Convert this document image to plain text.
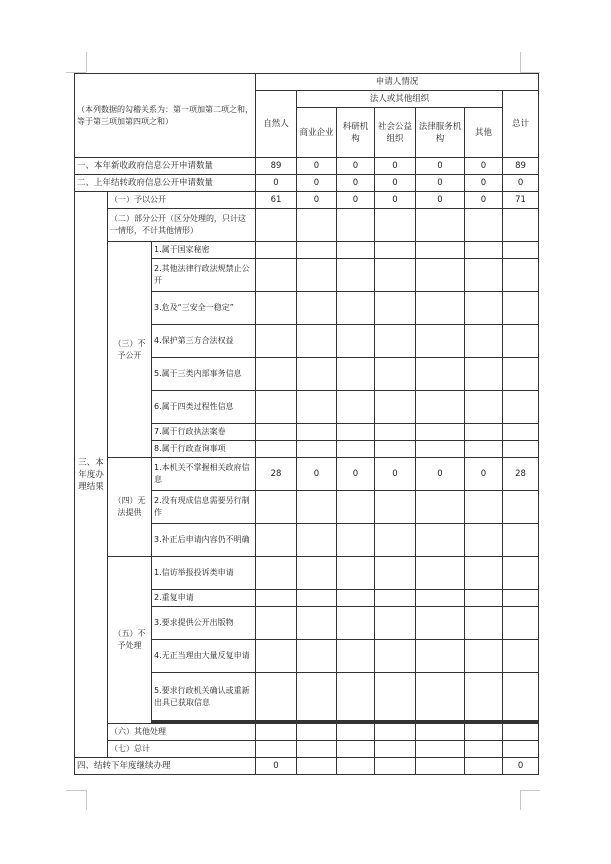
（本列数据的勾稽关系为：第一项加第二项之和，等于第三项加第四项之和）			申请人情况						
			自然人	法人或其他组织					总计
				商业企业	科研机构	社会公益组织	法律服务机构	其他	
一、本年新收政府信息公开申请数量			89	0	0	0	0	0	89
二、上年结转政府信息公开申请数量			0	0	0	0	0	0	0
三、本年度办理结果	（一）予以公开		61	0	0	0	0	0	71
	（二）部分公开（区分处理的，只计这一情形，不计其他情形）								
	（三）不予公开	1.属于国家秘密							
		2.其他法律行政法规禁止公开							
		3.危及“三安全一稳定”							
		4.保护第三方合法权益							
		5.属于三类内部事务信息							
		6.属于四类过程性信息							
		7.属于行政执法案卷							
		8.属于行政查询事项							
	（四）无法提供	1.本机关不掌握相关政府信息	28	0	0	0	0	0	28
		2.没有现成信息需要另行制作							
		3.补正后申请内容仍不明确							
	（五）不予处理	1.信访举报投诉类申请							
		2.重复申请							
		3.要求提供公开出版物							
		4.无正当理由大量反复申请							
		5.要求行政机关确认或重新出具已获取信息							

	（六）其他处理								
	（七）总计								
四、结转下年度继续办理			0						0
